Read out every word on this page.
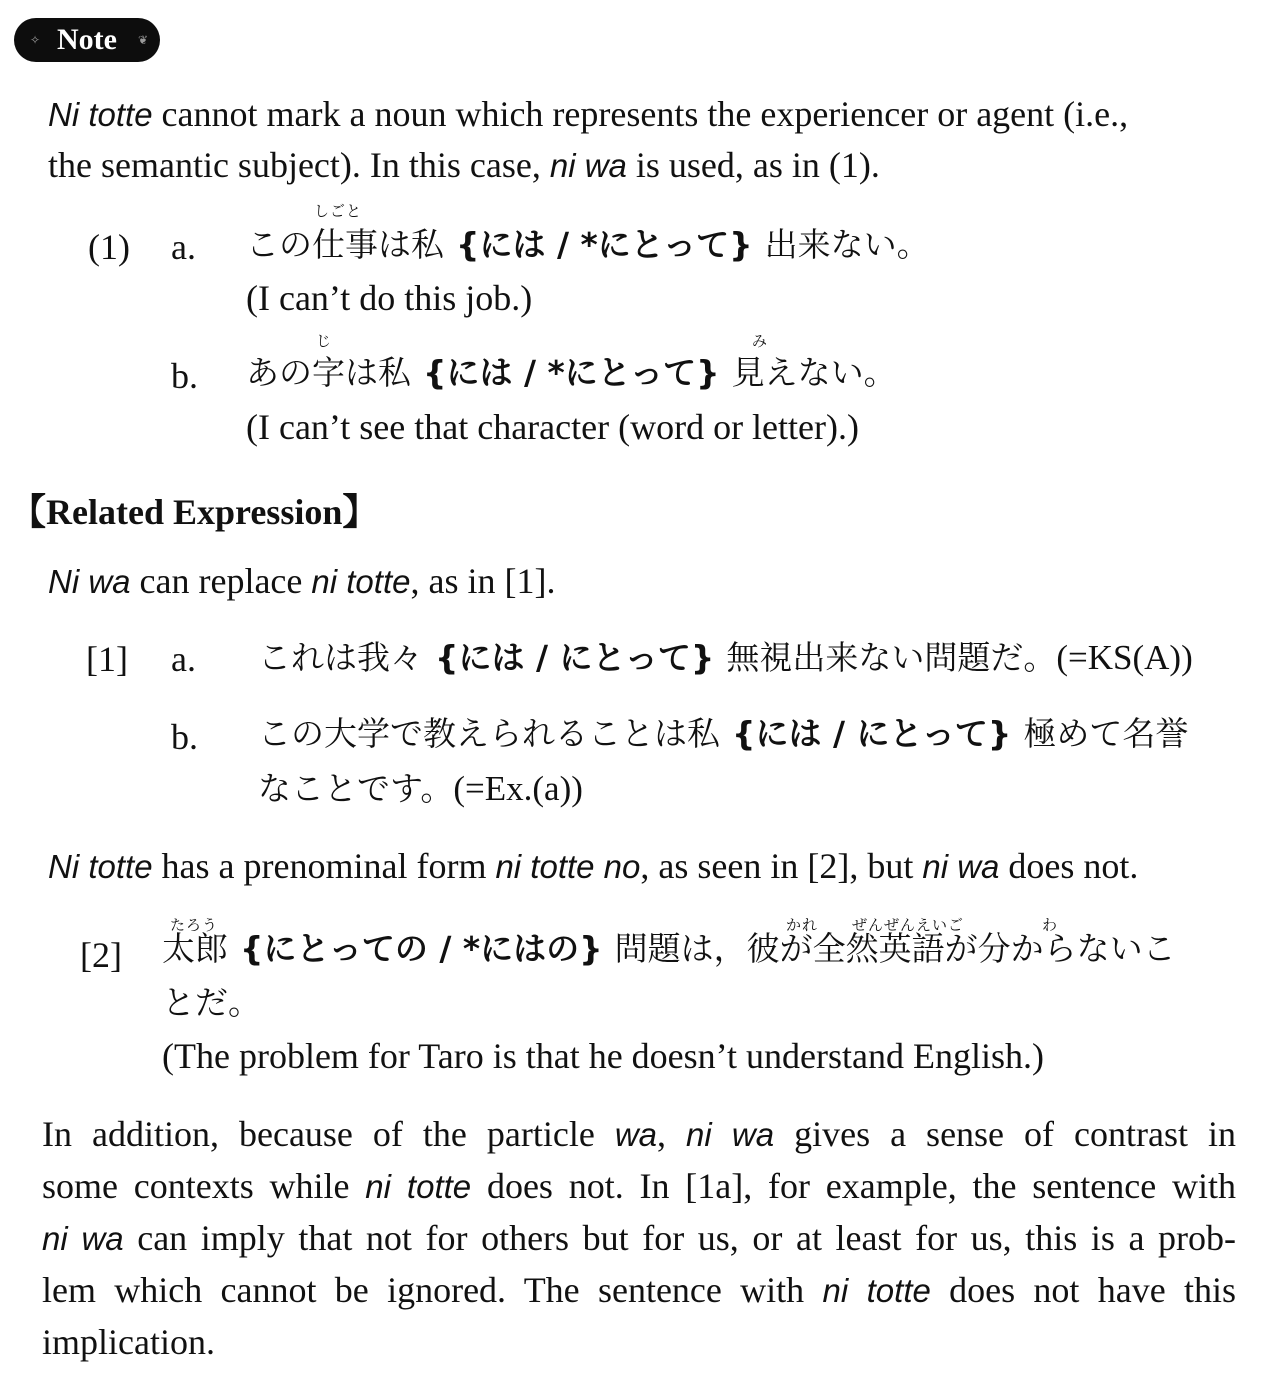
✧ Note	❦
Ni totte cannot mark a noun which represents the experiencer or agent (i.e.,
the semantic subject). In this case, ni wa is used, as in (1).
(1) a. この仕事は私 {には / *にとって} 出来ない。
しごと
(I can’t do this job.)
b. あの字は私 {には / *にとって} 見えない。
じ	み
(I can’t see that character (word or letter).)
【Related Expression】
Ni wa can replace ni totte, as in [1].
[1] a. これは我々 {には / にとって} 無視出来ない問題だ。(=KS(A))
b. この大学で教えられることは私 {には / にとって} 極めて名誉
なことです。(=Ex.(a))
Ni totte has a prenominal form ni totte no, as seen in [2], but ni wa does not.
[2] 太郎 {にとっての / *にはの} 問題は，彼が全然英語が分からないこ
たろう	かれ ぜんぜんえいご	わ
とだ。
(The problem for Taro is that he doesn’t understand English.)
In addition, because of the particle wa, ni wa gives a sense of contrast in
some contexts while ni totte does not. In [1a], for example, the sentence with
ni wa can imply that not for others but for us, or at least for us, this is a prob-
lem which cannot be ignored. The sentence with ni totte does not have this
implication.
